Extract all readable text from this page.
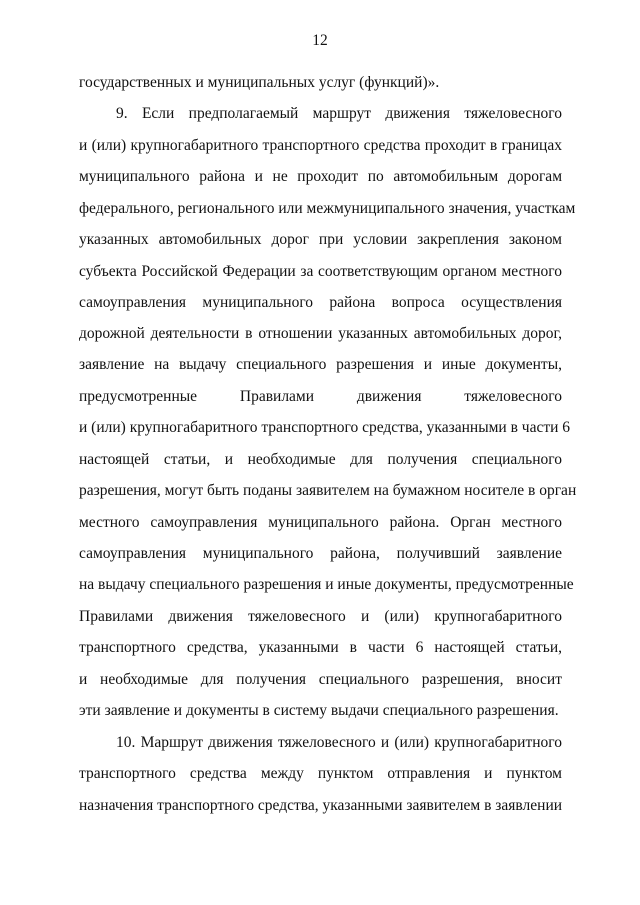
12
государственных и муниципальных услуг (функций)».
9. Если предполагаемый маршрут движения тяжеловесного
и (или) крупногабаритного транспортного средства проходит в границах
муниципального района и не проходит по автомобильным дорогам
федерального, регионального или межмуниципального значения, участкам
указанных автомобильных дорог при условии закрепления законом
субъекта Российской Федерации за соответствующим органом местного
самоуправления муниципального района вопроса осуществления
дорожной деятельности в отношении указанных автомобильных дорог,
заявление на выдачу специального разрешения и иные документы,
предусмотренные Правилами движения тяжеловесного
и (или) крупногабаритного транспортного средства, указанными в части 6
настоящей статьи, и необходимые для получения специального
разрешения, могут быть поданы заявителем на бумажном носителе в орган
местного самоуправления муниципального района. Орган местного
самоуправления муниципального района, получивший заявление
на выдачу специального разрешения и иные документы, предусмотренные
Правилами движения тяжеловесного и (или) крупногабаритного
транспортного средства, указанными в части 6 настоящей статьи,
и необходимые для получения специального разрешения, вносит
эти заявление и документы в систему выдачи специального разрешения.
10. Маршрут движения тяжеловесного и (или) крупногабаритного
транспортного средства между пунктом отправления и пунктом
назначения транспортного средства, указанными заявителем в заявлении
